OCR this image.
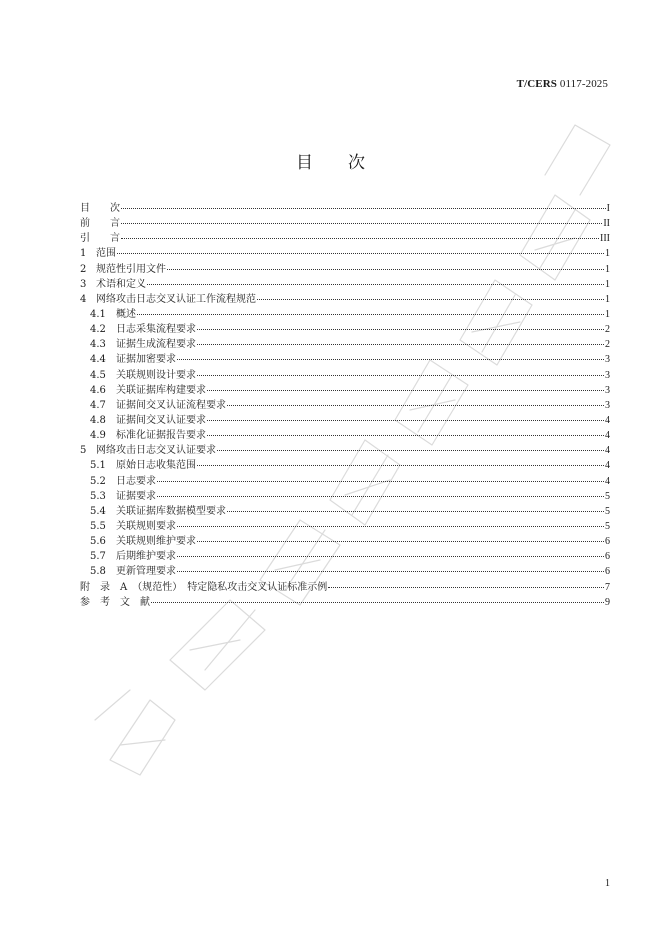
T/CERS 0117-2025
目 次
目　　次	I
前　　言	II
引　　言	III
1 范围	1
2 规范性引用文件	1
3 术语和定义	1
4 网络攻击日志交叉认证工作流程规范	1
4.1	概述	1
4.2	日志采集流程要求	2
4.3	证据生成流程要求	2
4.4	证据加密要求	3
4.5	关联规则设计要求	3
4.6	关联证据库构建要求	3
4.7	证据间交叉认证流程要求	3
4.8	证据间交叉认证要求	4
4.9	标准化证据报告要求	4
5 网络攻击日志交叉认证要求	4
5.1	原始日志收集范围	4
5.2	日志要求	4
5.3	证据要求	5
5.4	关联证据库数据模型要求	5
5.5	关联规则要求	5
5.6	关联规则维护要求	6
5.7	后期维护要求	6
5.8	更新管理要求	6
附　录　A　（规范性）　特定隐私攻击交叉认证标准示例	7
参　考　文　献	9
1
